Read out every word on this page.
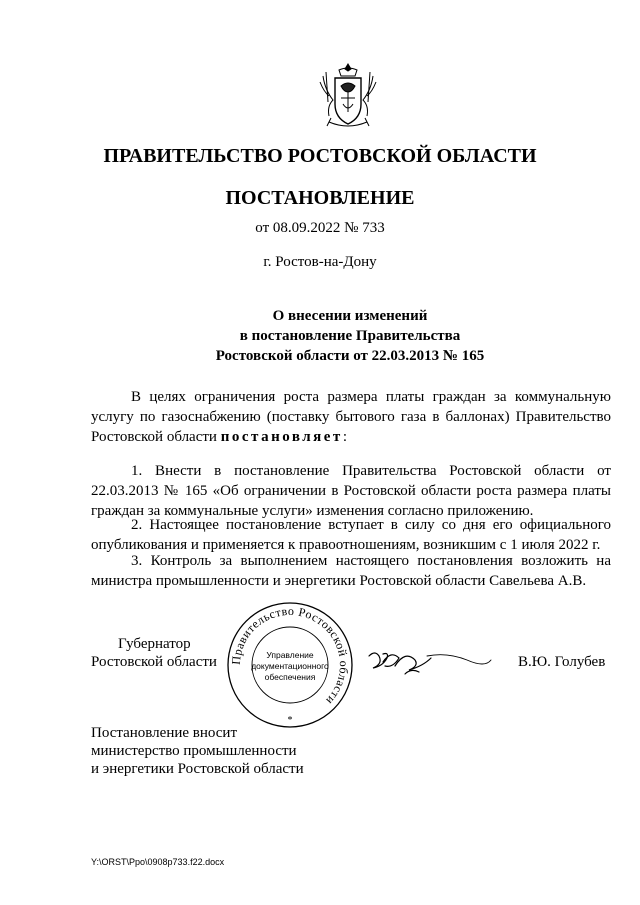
ПРАВИТЕЛЬСТВО РОСТОВСКОЙ ОБЛАСТИ
ПОСТАНОВЛЕНИЕ
от 08.09.2022 № 733
г. Ростов-на-Дону
О внесении изменений
в постановление Правительства
Ростовской области от 22.03.2013 № 165
В целях ограничения роста размера платы граждан за коммунальную услугу по газоснабжению (поставку бытового газа в баллонах) Правительство Ростовской области постановляет:
1. Внести в постановление Правительства Ростовской области от 22.03.2013 № 165 «Об ограничении в Ростовской области роста размера платы граждан за коммунальные услуги» изменения согласно приложению.
2. Настоящее постановление вступает в силу со дня его официального опубликования и применяется к правоотношениям, возникшим с 1 июля 2022 г.
3. Контроль за выполнением настоящего постановления возложить на министра промышленности и энергетики Ростовской области Савельева А.В.
Губернатор
Ростовской области	В.Ю. Голубев
Правительство Ростовской области
Управление
документационного
обеспечения
*
Постановление вносит
министерство промышленности
и энергетики Ростовской области
Y:\ORST\Ppo\0908p733.f22.docx
